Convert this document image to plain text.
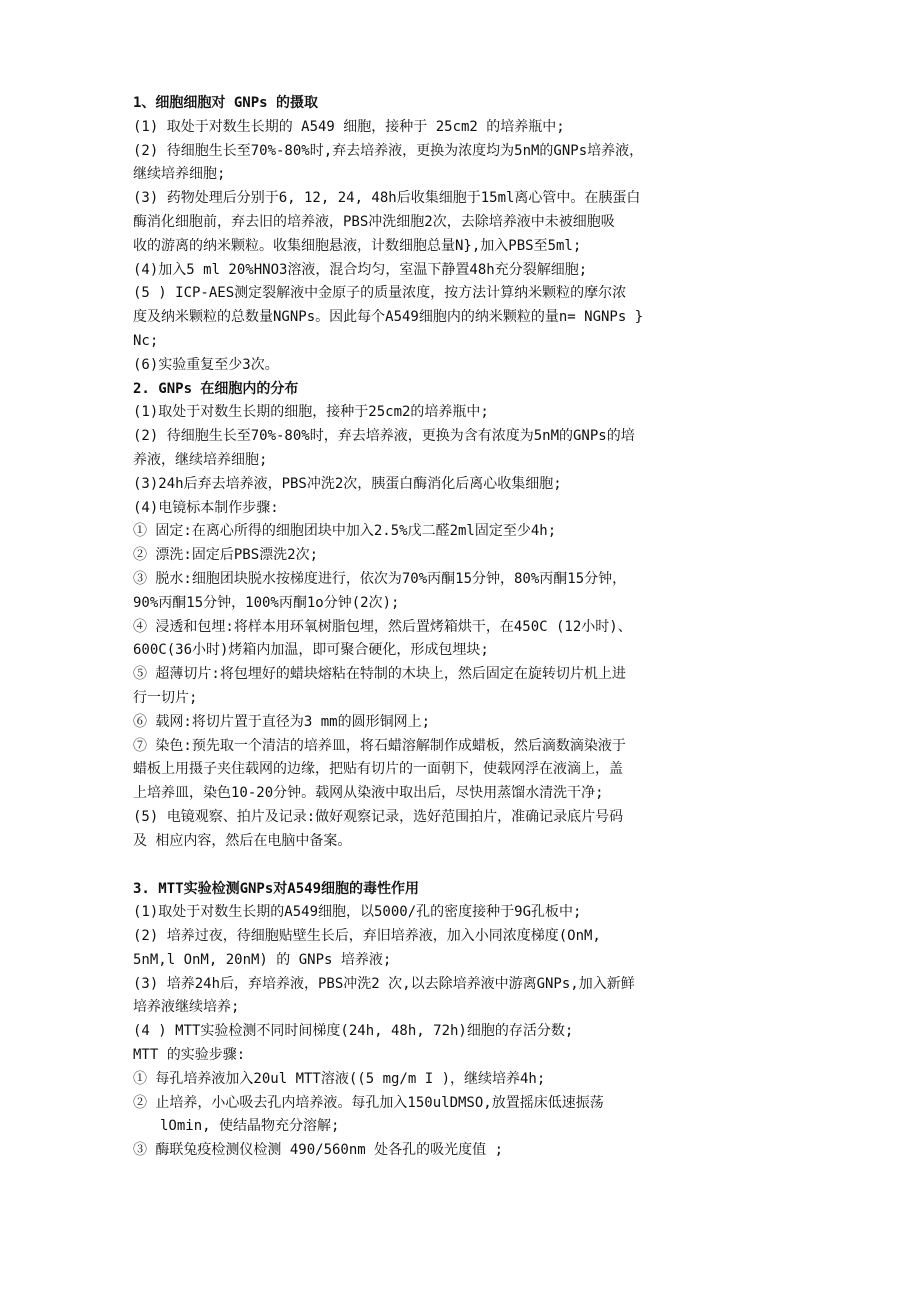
1、细胞细胞对 GNPs 的摄取
(1) 取处于对数生长期的 A549 细胞，接种于 25cm2 的培养瓶中;
(2) 待细胞生长至70%-80%时,弃去培养液，更换为浓度均为5nM的GNPs培养液，
继续培养细胞;
(3) 药物处理后分别于6, 12, 24, 48h后收集细胞于15ml离心管中。在胰蛋白
酶消化细胞前，弃去旧的培养液，PBS冲洗细胞2次，去除培养液中未被细胞吸
收的游离的纳米颗粒。收集细胞悬液，计数细胞总量N},加入PBS至5ml;
(4)加入5 ml 20%HNO3溶液，混合均匀，室温下静置48h充分裂解细胞;
(5 ) ICP-AES测定裂解液中金原子的质量浓度，按方法计算纳米颗粒的摩尔浓
度及纳米颗粒的总数量NGNPs。因此每个A549细胞内的纳米颗粒的量n= NGNPs }
Nc;
(6)实验重复至少3次。
2. GNPs 在细胞内的分布
(1)取处于对数生长期的细胞，接种于25cm2的培养瓶中;
(2) 待细胞生长至70%-80%时，弃去培养液，更换为含有浓度为5nM的GNPs的培
养液，继续培养细胞;
(3)24h后弃去培养液，PBS冲洗2次，胰蛋白酶消化后离心收集细胞;
(4)电镜标本制作步骤:
① 固定:在离心所得的细胞团块中加入2.5%戊二醛2ml固定至少4h;
② 漂洗:固定后PBS漂洗2次;
③ 脱水:细胞团块脱水按梯度进行，依次为70%丙酮15分钟，80%丙酮15分钟，
90%丙酮15分钟，100%丙酮1o分钟(2次);
④ 浸透和包埋:将样本用环氧树脂包埋，然后置烤箱烘干，在450C (12小时)、
600C(36小时)烤箱内加温，即可聚合硬化，形成包埋块;
⑤ 超薄切片:将包埋好的蜡块熔粘在特制的木块上，然后固定在旋转切片机上进
行一切片;
⑥ 载网:将切片置于直径为3 mm的圆形铜网上;
⑦ 染色:预先取一个清洁的培养皿，将石蜡溶解制作成蜡板，然后滴数滴染液于
蜡板上用摄子夹住载网的边缘，把贴有切片的一面朝下，使载网浮在液滴上，盖
上培养皿，染色10-20分钟。载网从染液中取出后，尽快用蒸馏水清洗干净;
(5) 电镜观察、拍片及记录:做好观察记录，选好范围拍片，准确记录底片号码
及 相应内容，然后在电脑中备案。
3. MTT实验检测GNPs对A549细胞的毒性作用
(1)取处于对数生长期的A549细胞，以5000/孔的密度接种于9G孔板中;
(2) 培养过夜，待细胞贴壁生长后，弃旧培养液，加入小同浓度梯度(OnM,
5nM,l OnM, 20nM) 的 GNPs 培养液;
(3) 培养24h后，弃培养液，PBS冲洗2 次,以去除培养液中游离GNPs,加入新鲜
培养液继续培养;
(4 ) MTT实验检测不同时间梯度(24h, 48h, 72h)细胞的存活分数;
MTT 的实验步骤:
① 每孔培养液加入20ul MTT溶液((5 mg/m I )，继续培养4h;
② 止培养，小心吸去孔内培养液。每孔加入150ulDMSO,放置摇床低速振荡
lOmin, 使结晶物充分溶解;
③ 酶联兔疫检测仪检测 490/560nm 处各孔的吸光度值 ;
